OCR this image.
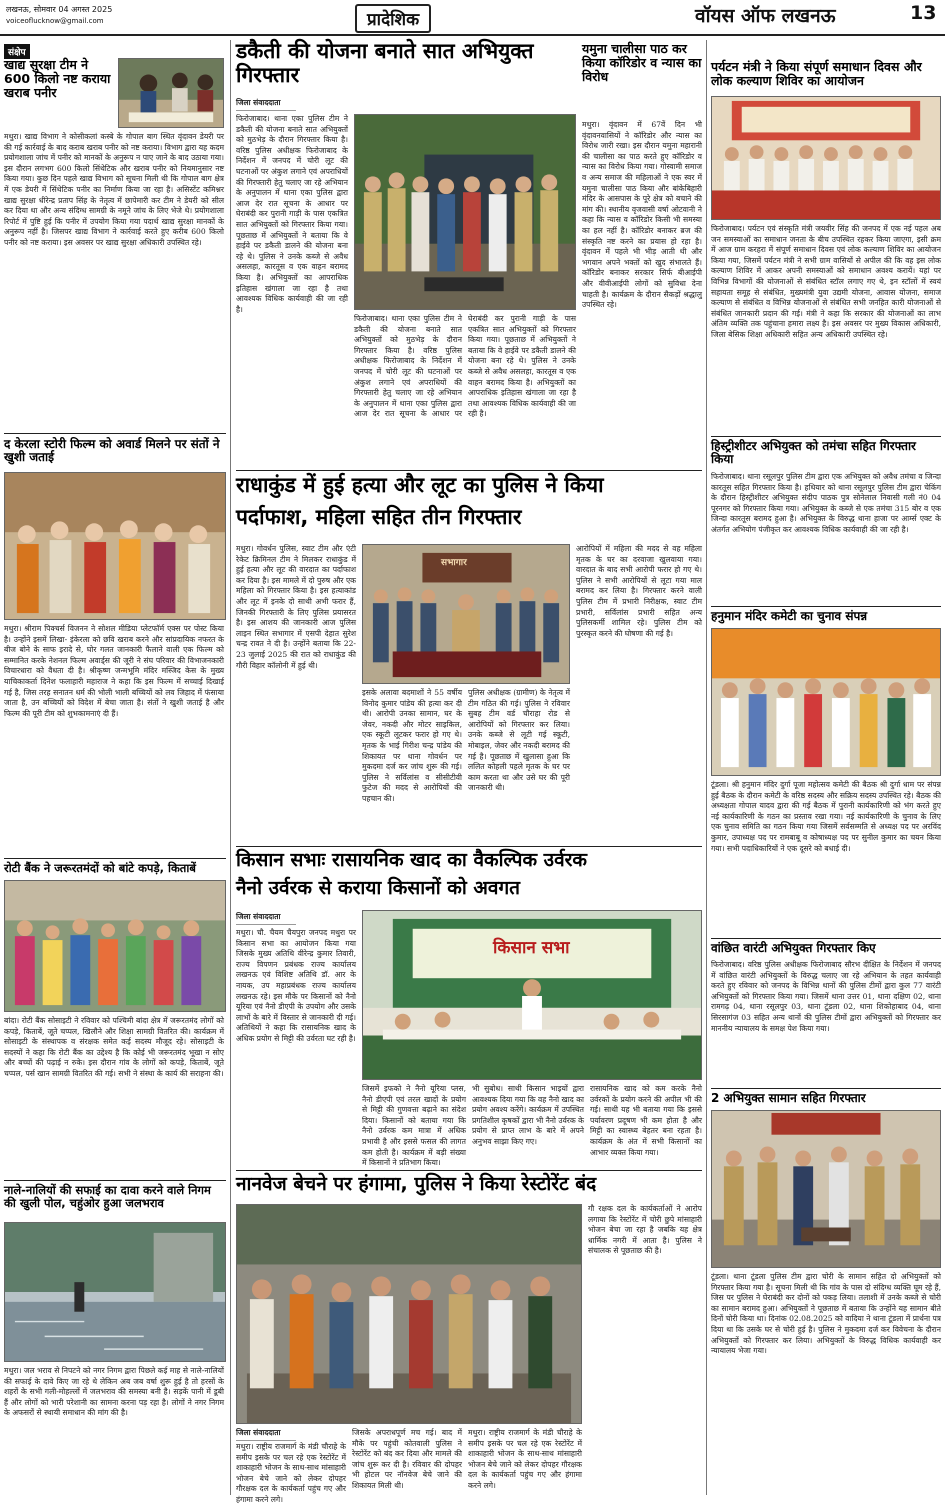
लखनऊ, सोमवार 04 अगस्त 2025
voiceoflucknow@gmail.com	प्रादेशिक	वॉयस ऑफ लखनऊ	13
संक्षेप
खाद्य सुरक्षा टीम ने 600 किलो नष्ट कराया खराब पनीर
मथुरा। खाद्य विभाग ने कोसीकलां कस्बे के गोपाल बाग स्थित वृंदावन डेयरी पर की गई कार्रवाई के बाद कराब खराब पनीर को नष्ट कराया। विभाग द्वारा यह कदम प्रयोगशाला जांच में पनीर को मानकों के अनुरूप न पाए जाने के बाद उठाया गया। इस दौरान लगभग 600 किलो सिंथेटिक और खराब पनीर को नियमानुसार नष्ट किया गया। कुछ दिन पहले खाद्य विभाग को सूचना मिली थी कि गोपाल बाग क्षेत्र में एक डेयरी में सिंथेटिक पनीर का निर्माण किया जा रहा है। असिस्टेंट कमिश्नर खाद्य सुरक्षा धीरेन्द्र प्रताप सिंह के नेतृत्व में छापेमारी कर टीम ने डेयरी को सील कर दिया था और अन्य संदिग्ध सामग्री के नमूने जांच के लिए भेजे थे। प्रयोगशाला रिपोर्ट में पुष्टि हुई कि पनीर में उपयोग किया गया पदार्थ खाद्य सुरक्षा मानकों के अनुरूप नहीं है। जिसपर खाद्य विभाग ने कार्रवाई करते हुए करीब 600 किलो पनीर को नष्ट कराया। इस अवसर पर खाद्य सुरक्षा अधिकारी उपस्थित रहे।
द केरला स्टोरी फिल्म को अवार्ड मिलने पर संतों ने खुशी जताई
मथुरा। श्रीराम पिक्चर्स विजनन ने सोशल मीडिया प्लेटफॉर्म एक्स पर पोस्ट किया है। उन्होंने इसमें लिखा- इंकेरला को छवि खराब करने और सांप्रदायिक नफरत के बीज बोने के साफ इरादे से, घोर गलत जानकारी फैलाने वाली एक फिल्म को सम्मानित करके नेशनल फिल्म अवार्ड्स की जूरी ने संघ परिवार की विभाजनकारी विचारधारा को वैधता दी है। श्रीकृष्ण जन्मभूमि मंदिर मस्जिद केस के मुख्य याचिकाकर्ता दिनेश फलाहारी महाराज ने कहा कि इस फिल्म में सच्चाई दिखाई गई है, जिस तरह सनातन धर्म की भोली भाली बच्चियों को लव जिहाद में फंसाया जाता है, उन बच्चियों को विदेश में बेचा जाता है। संतों ने खुशी जताई है और फिल्म की पूरी टीम को शुभकामनाएं दी हैं।
रोटी बैंक ने जरूरतमंदों को बांटे कपड़े, किताबें
बांदा। रोटी बैंक सोसाइटी ने रविवार को पश्चिमी बांदा क्षेत्र में जरूरतमंद लोगों को कपड़े, किताबें, जूते चप्पल, खिलौने और शिक्षा सामग्री वितरित की। कार्यक्रम में सोसाइटी के संस्थापक व संरक्षक समेत कई सदस्य मौजूद रहे। सोसाइटी के सदस्यों ने कहा कि रोटी बैंक का उद्देश्य है कि कोई भी जरूरतमंद भूखा न सोए और बच्चों की पढ़ाई न रुके। इस दौरान गांव के लोगों को कपड़े, किताबें, जूते चप्पल, पर्स खान सामग्री वितरित की गई। सभी ने संस्था के कार्य की सराहना की।
नाले-नालियों की सफाई का दावा करने वाले निगम की खुली पोल, चहुंओर हुआ जलभराव
मथुरा। जल भराव से निपटने को नगर निगम द्वारा पिछले कई माह से नाले-नालियों की सफाई के दावे किए जा रहे थे लेकिन अब जब वर्षा शुरू हुई है तो हरसों के शहरों के सभी गली-मोहल्लों में जलभराव की समस्या बनी है। सड़कें पानी में डूबी हैं और लोगों को भारी परेशानी का सामना करना पड़ रहा है। लोगों ने नगर निगम के अफसरों से स्थायी समाधान की मांग की है।
डकैती की योजना बनाते सात अभियुक्त गिरफ्तार
जिला संवाददाता
फिरोजाबाद। थाना एका पुलिस टीम ने डकैती की योजना बनाते सात अभियुक्तों को मुठभेड़ के दौरान गिरफ्तार किया है। वरिष्ठ पुलिस अधीक्षक फिरोजाबाद के निर्देशन में जनपद में चोरी लूट की घटनाओं पर अंकुश लगाने एवं अपराधियों की गिरफ्तारी हेतु चलाए जा रहे अभियान के अनुपालन में थाना एका पुलिस द्वारा आज देर रात सूचना के आधार पर घेराबंदी कर पुरानी गाड़ी के पास एकत्रित सात अभियुक्तों को गिरफ्तार किया गया। पूछताछ में अभियुक्तों ने बताया कि वे हाईवे पर डकैती डालने की योजना बना रहे थे। पुलिस ने उनके कब्जे से अवैध असलहा, कारतूस व एक वाहन बरामद किया है। अभियुक्तों का आपराधिक इतिहास खंगाला जा रहा है तथा आवश्यक विधिक कार्यवाही की जा रही है।
फिरोजाबाद। थाना एका पुलिस टीम ने डकैती की योजना बनाते सात अभियुक्तों को मुठभेड़ के दौरान गिरफ्तार किया है। वरिष्ठ पुलिस अधीक्षक फिरोजाबाद के निर्देशन में जनपद में चोरी लूट की घटनाओं पर अंकुश लगाने एवं अपराधियों की गिरफ्तारी हेतु चलाए जा रहे अभियान के अनुपालन में थाना एका पुलिस द्वारा आज देर रात सूचना के आधार पर घेराबंदी कर पुरानी गाड़ी के पास एकत्रित सात अभियुक्तों को गिरफ्तार किया गया। पूछताछ में अभियुक्तों ने बताया कि वे हाईवे पर डकैती डालने की योजना बना रहे थे। पुलिस ने उनके कब्जे से अवैध असलहा, कारतूस व एक वाहन बरामद किया है। अभियुक्तों का आपराधिक इतिहास खंगाला जा रहा है तथा आवश्यक विधिक कार्यवाही की जा रही है।
यमुना चालीसा पाठ कर किया कॉरिडोर व न्यास का विरोध
मथुरा। वृंदावन में 67वें दिन भी वृंदावनवासियों ने कॉरिडोर और न्यास का विरोध जारी रखा। इस दौरान यमुना महारानी की चालीसा का पाठ करते हुए कॉरिडोर व न्यास का विरोध किया गया। गोस्वामी समाज व अन्य समाज की महिलाओं ने एक स्वर में यमुना चालीसा पाठ किया और बांकेबिहारी मंदिर के आसपास के पूरे क्षेत्र को बचाने की मांग की। स्थानीय वृजवासी वर्षा ओटवानी ने कहा कि न्यास व कॉरिडोर किसी भी समस्या का हल नहीं है। कॉरिडोर बनाकर ब्रज की संस्कृति नष्ट करने का प्रयास हो रहा है। वृंदावन में पहले भी भीड़ आती थी और भगवान अपने भक्तों को खुद संभालते हैं। कॉरिडोर बनाकर सरकार सिर्फ बीआईपी और वीवीआईपी लोगों को सुविधा देना चाहती है। कार्यक्रम के दौरान सैकड़ों श्रद्धालु उपस्थित रहे।
राधाकुंड में हुई हत्या और लूट का पुलिस ने किया
पर्दाफाश, महिला सहित तीन गिरफ्तार
मथुरा। गोवर्धन पुलिस, स्वाट टीम और एंटी रेकेट क्रिमिनल टीम ने मिलकर राधाकुंड में हुई हत्या और लूट की वारदात का पर्दाफाश कर दिया है। इस मामले में दो पुरुष और एक महिला को गिरफ्तार किया है। इस हत्याकांड और लूट में इनके दो साथी अभी फरार हैं, जिनकी गिरफ्तारी के लिए पुलिस प्रयासरत है। इस आशय की जानकारी आज पुलिस लाइन स्थित सभागार में एसपी देहात सुरेश चन्द्र रावत ने दी है। उन्होंने बताया कि 22-23 जुलाई 2025 की रात को राधाकुंड की गौरी विहार कॉलोनी में हुई थी।
सभागार
इसके अलावा बदमाशों ने 55 वर्षीय विनोद कुमार पांडेय की हत्या कर दी थी। आरोपी उनका सामान, घर के जेवर, नकदी और मोटर साइकिल, एक स्कूटी लूटकर फरार हो गए थे। मृतक के भाई गिरीश चन्द्र पांडेय की शिकायत पर थाना गोवर्धन पर मुकदमा दर्ज कर जांच शुरू की गई। पुलिस ने सर्विलांस व सीसीटीवी फुटेज की मदद से आरोपियों की पहचान की।
पुलिस अधीक्षक (ग्रामीण) के नेतृत्व में टीम गठित की गई। पुलिस ने रविवार सुबह टीम वर्ड चौराहा रोड से आरोपियों को गिरफ्तार कर लिया। उनके कब्जे से लूटी गई स्कूटी, मोबाइल, जेवर और नकदी बरामद की गई है। पूछताछ में खुलासा हुआ कि ललित कोहली पहले मृतक के घर पर काम करता था और उसे घर की पूरी जानकारी थी।
आरोपियों में महिला की मदद से वह महिला मृतक के घर का दरवाजा खुलवाया गया। वारदात के बाद सभी आरोपी फरार हो गए थे। पुलिस ने सभी आरोपियों से लूटा गया माल बरामद कर लिया है। गिरफ्तार करने वाली पुलिस टीम में प्रभारी निरीक्षक, स्वाट टीम प्रभारी, सर्विलांस प्रभारी सहित अन्य पुलिसकर्मी शामिल रहे। पुलिस टीम को पुरस्कृत करने की घोषणा की गई है।
किसान सभाः रासायनिक खाद का वैकल्पिक उर्वरक
नैनो उर्वरक से कराया किसानों को अवगत
जिला संवाददाता
मथुरा। चौ. चैयम चैयपुरा जनपद मथुरा पर किसान सभा का आयोजन किया गया जिसके मुख्य अतिथि वीरेन्द्र कुमार तिवारी, राज्य विपणन प्रबंधक राज्य कार्यालय लखनऊ एवं विशिष्ट अतिथि डॉ. आर के नायक, उप महाप्रबंधक राज्य कार्यालय लखनऊ रहे। इस मौके पर किसानों को नैनो यूरिया एवं नैनो डीएपी के उपयोग और उसके लाभों के बारे में विस्तार से जानकारी दी गई। अतिथियों ने कहा कि रासायनिक खाद के अधिक प्रयोग से मिट्टी की उर्वरता घट रही है।
किसान सभा
जिसमें इफको ने नैनो यूरिया प्लस, नैनो डीएपी एवं तरल खादों के प्रयोग से मिट्टी की गुणवत्ता बढ़ाने का संदेश दिया। किसानों को बताया गया कि नैनो उर्वरक कम मात्रा में अधिक प्रभावी है और इससे फसल की लागत कम होती है। कार्यक्रम में बड़ी संख्या में किसानों ने प्रतिभाग किया।
भी सुबोध। साथी किसान भाइयों द्वारा आवश्यक दिया गया कि वह नैनो खाद का प्रयोग अवश्य करेंगे। कार्यक्रम में उपस्थित प्रगतिशील कृषकों द्वारा भी नैनो उर्वरक के प्रयोग से प्राप्त लाभ के बारे में अपने अनुभव साझा किए गए।
रासायनिक खाद को कम करके नैनो उर्वरकों के प्रयोग करने की अपील भी की गई। साथी यह भी बताया गया कि इससे पर्यावरण प्रदूषण भी कम होता है और मिट्टी का स्वास्थ्य बेहतर बना रहता है। कार्यक्रम के अंत में सभी किसानों का आभार व्यक्त किया गया।
नानवेज बेचने पर हंगामा, पुलिस ने किया रेस्टोरेंट बंद
गौ रक्षक दल के कार्यकर्ताओं ने आरोप लगाया कि रेस्टोरेंट में चोरी छुपे मांसाहारी भोजन बेचा जा रहा है जबकि यह क्षेत्र धार्मिक नगरी में आता है। पुलिस ने संचालक से पूछताछ की है।
जिला संवाददाता
मथुरा। राष्ट्रीय राजमार्ग के मंडी चौराहे के समीप इसके पर चल रहे एक रेस्टोरेंट में शाकाहारी भोजन के साथ-साथ मांसाहारी भोजन बेचे जाने को लेकर दोपहर गौरक्षक दल के कार्यकर्ता पहुंच गए और हंगामा करने लगे।
जिसके अपराधपूर्ण मच गई। बाद में मौके पर पहुंची कोतवाली पुलिस ने रेस्टोरेंट को बंद कर दिया और मामले की जांच शुरू कर दी है। रविवार की दोपहर भी होटल पर नॉनवेज बेचे जाने की शिकायत मिली थी।
मथुरा। राष्ट्रीय राजमार्ग के मंडी चौराहे के समीप इसके पर चल रहे एक रेस्टोरेंट में शाकाहारी भोजन के साथ-साथ मांसाहारी भोजन बेचे जाने को लेकर दोपहर गौरक्षक दल के कार्यकर्ता पहुंच गए और हंगामा करने लगे।
पर्यटन मंत्री ने किया संपूर्ण समाधान दिवस और लोक कल्याण शिविर का आयोजन
फिरोजाबाद। पर्यटन एवं संस्कृति मंत्री जयवीर सिंह की जनपद में एक नई पहल अब जन समस्याओं का समाधान जनता के बीच उपस्थित रहकर किया जाएगा, इसी क्रम में आज ग्राम करहरा में संपूर्ण समाधान दिवस एवं लोक कल्याण शिविर का आयोजन किया गया, जिसमें पर्यटन मंत्री ने सभी ग्राम वासियों से अपील की कि वह इस लोक कल्याण शिविर में आकर अपनी समस्याओं को समाधान अवश्य करायें। यहां पर विभिन्न विभागों की योजनाओं से संबंधित स्टॉल लगाए गए थे, इन स्टॉलों में स्वयं सहायता समूह से संबंधित, मुख्यमंत्री युवा उद्यमी योजना, आवास योजना, समाज कल्याण से संबंधित व विभिन्न योजनाओं से संबंधित सभी जनहित कारी योजनाओं से संबंधित जानकारी प्रदान की गई। मंत्री ने कहा कि सरकार की योजनाओं का लाभ अंतिम व्यक्ति तक पहुंचाना हमारा लक्ष्य है। इस अवसर पर मुख्य विकास अधिकारी, जिला बेसिक शिक्षा अधिकारी सहित अन्य अधिकारी उपस्थित रहे।
हिस्ट्रीशीटर अभियुक्त को तमंचा सहित गिरफ्तार किया
फिरोजाबाद। थाना रसूलपुर पुलिस टीम द्वारा एक अभियुक्त को अवैध तमंचा व जिन्दा कारतूस सहित गिरफ्तार किया है। हथियार को थाना रसूलपुर पुलिस टीम द्वारा चेकिंग के दौरान हिस्ट्रीशीटर अभियुक्त संदीप पाठक पुत्र सोनेलाल निवासी गली नं0 04 पूरनगर को गिरफ्तार किया गया। अभियुक्त के कब्जे से एक तमंचा 315 बोर व एक जिन्दा कारतूस बरामद हुआ है। अभियुक्त के विरुद्ध थाना हाजा पर आर्म्स एक्ट के अंतर्गत अभियोग पंजीकृत कर आवश्यक विधिक कार्यवाही की जा रही है।
हनुमान मंदिर कमेटी का चुनाव संपन्न
टूंडला। श्री हनुमान मंदिर दुर्गा पूजा महोत्सव कमेटी की बैठक श्री दुर्गा धाम पर संपन्न हुई बैठक के दौरान कमेटी के वरिष्ठ सदस्य और सक्रिय सदस्य उपस्थित रहे। बैठक की अध्यक्षता गोपाल यादव द्वारा की गई बैठक में पुरानी कार्यकारिणी को भंग करते हुए नई कार्यकारिणी के गठन का प्रस्ताव रखा गया। नई कार्यकारिणी के चुनाव के लिए एक चुनाव समिति का गठन किया गया जिसमें सर्वसम्मति से अध्यक्ष पद पर अरविंद कुमार, उपाध्यक्ष पद पर रामबाबू व कोषाध्यक्ष पद पर सुनील कुमार का चयन किया गया। सभी पदाधिकारियों ने एक दूसरे को बधाई दी।
वांछित वारंटी अभियुक्त गिरफ्तार किए
फिरोजाबाद। वरिष्ठ पुलिस अधीक्षक फिरोजाबाद सौरभ दीक्षित के निर्देशन में जनपद में वांछित वारंटी अभियुक्तों के विरुद्ध चलाए जा रहे अभियान के तहत कार्यवाही करते हुए रविवार को जनपद के विभिन्न थानों की पुलिस टीमों द्वारा कुल 77 वारंटी अभियुक्तों को गिरफ्तार किया गया। जिसमें थाना उत्तर 01, थाना दक्षिण 02, थाना रामगढ़ 04, थाना रसूलपुर 03, थाना टूंडला 02, थाना शिकोहाबाद 04, थाना सिरसागंज 03 सहित अन्य थानों की पुलिस टीमों द्वारा अभियुक्तों को गिरफ्तार कर माननीय न्यायालय के समक्ष पेश किया गया।
2 अभियुक्त सामान सहित गिरफ्तार
टूंडला। थाना टूंडला पुलिस टीम द्वारा चोरी के सामान सहित दो अभियुक्तों को गिरफ्तार किया गया है। सूचना मिली थी कि गांव के पास दो संदिग्ध व्यक्ति घूम रहे हैं, जिस पर पुलिस ने घेराबंदी कर दोनों को पकड़ लिया। तलाशी में उनके कब्जे से चोरी का सामान बरामद हुआ। अभियुक्तों ने पूछताछ में बताया कि उन्होंने यह सामान बीते दिनों चोरी किया था। दिनांक 02.08.2025 को वादिया ने थाना टूंडला में प्रार्थना पत्र दिया था कि उसके घर से चोरी हुई है। पुलिस ने मुकदमा दर्ज कर विवेचना के दौरान अभियुक्तों को गिरफ्तार कर लिया। अभियुक्तों के विरुद्ध विधिक कार्यवाही कर न्यायालय भेजा गया।
